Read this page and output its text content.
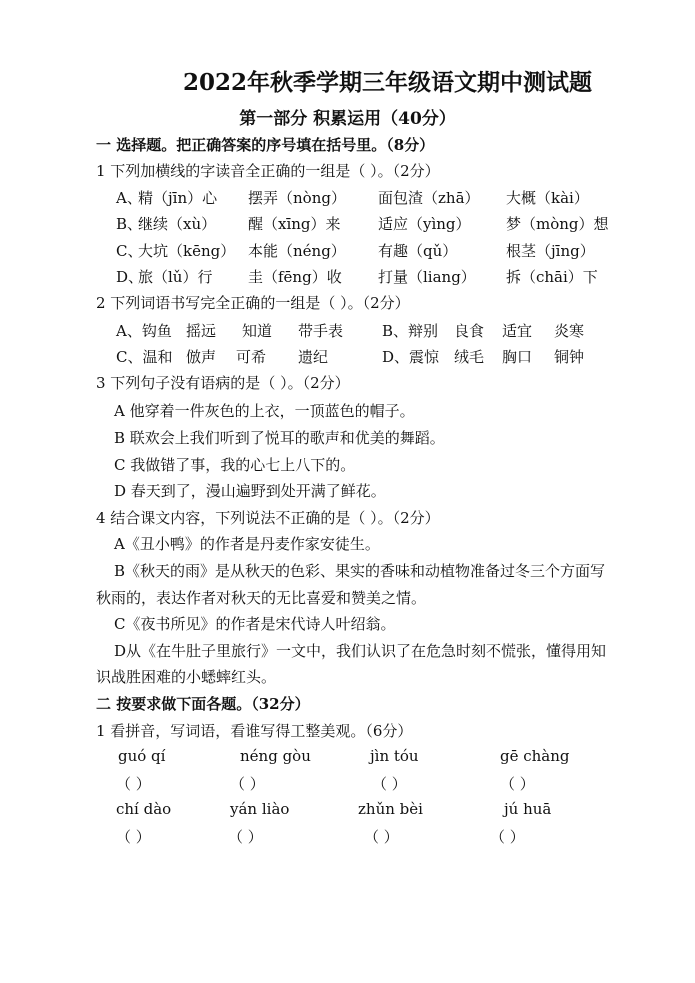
2022年秋季学期三年级语文期中测试题
第一部分 积累运用（40分）
一 选择题。把正确答案的序号填在括号里。（8分）
1 下列加横线的字读音全正确的一组是（ ）。（2分）
A、
精（jīn）心	摆弄（nòng）	面包渣（zhā）	大概（kài）
B、
继续（xù）	醒（xīng）来	适应（yìng）	梦（mòng）想
C、
大坑（kēng） 本能（néng）	有趣（qǔ）	根茎（jīng）
D、
旅（lǔ）行	圭（fēng）收	打量（liang）	拆（chāi）下
2 下列词语书写完全正确的一组是（ ）。（2分）
A、钩鱼 摇远	知道	带手表	B、辩别	良食	适宜	炎寒
C、温和 倣声	可希	遗纪	D、震惊 绒毛	胸口	铜钟
3 下列句子没有语病的是（ ）。（2分）
A 他穿着一件灰色的上衣，一顶蓝色的帽子。
B 联欢会上我们听到了悦耳的歌声和优美的舞蹈。
C 我做错了事，我的心七上八下的。
D 春天到了，漫山遍野到处开满了鲜花。
4 结合课文内容，下列说法不正确的是（ ）。（2分）
A《丑小鸭》的作者是丹麦作家安徒生。
B《秋天的雨》是从秋天的色彩、果实的香味和动植物准备过冬三个方面写
秋雨的，表达作者对秋天的无比喜爱和赞美之情。
C《夜书所见》的作者是宋代诗人叶绍翁。
D从《在牛肚子里旅行》一文中，我们认识了在危急时刻不慌张，懂得用知
识战胜困难的小蟋蟀红头。
二 按要求做下面各题。（32分）
1 看拼音，写词语，看谁写得工整美观。（6分）
guó qí	néng gòu	jìn tóu	gē chàng
（ ）	（ ）	（ ）	（ ）
chí dào	yán liào	zhǔn bèi	jú huā
（ ）	（ ）	（ ）	（ ）
